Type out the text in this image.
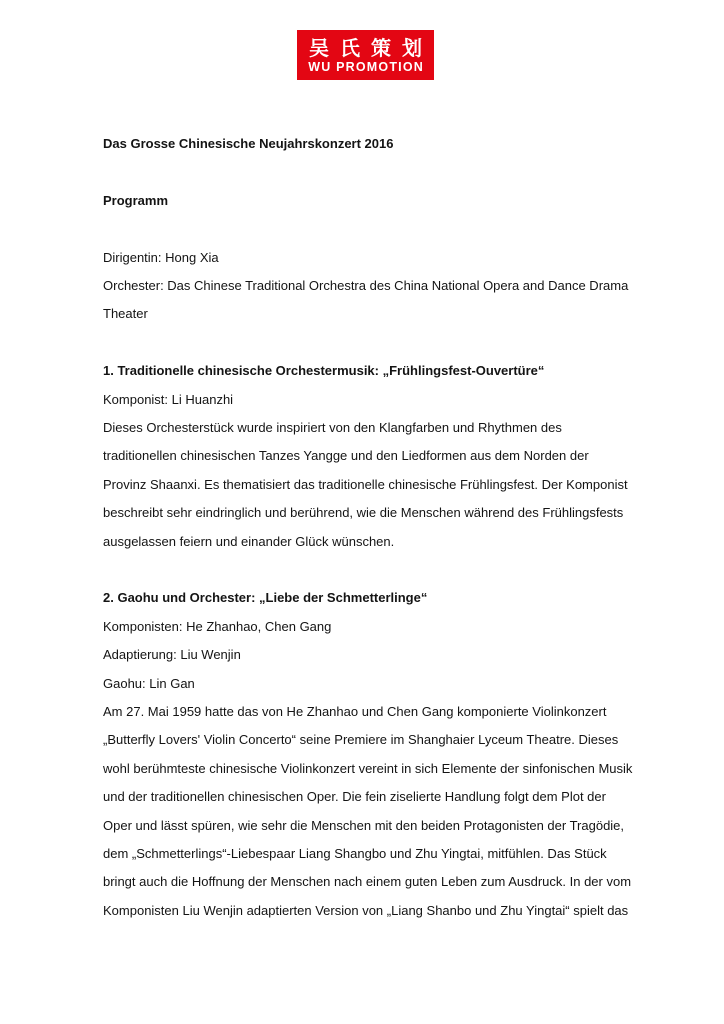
吴氏策划
WU PROMOTION
Das Grosse Chinesische Neujahrskonzert 2016
Programm
Dirigentin: Hong Xia
Orchester: Das Chinese Traditional Orchestra des China National Opera and Dance Drama
Theater
1. Traditionelle chinesische Orchestermusik: „Frühlingsfest-Ouvertüre“
Komponist: Li Huanzhi
Dieses Orchesterstück wurde inspiriert von den Klangfarben und Rhythmen des
traditionellen chinesischen Tanzes Yangge und den Liedformen aus dem Norden der
Provinz Shaanxi. Es thematisiert das traditionelle chinesische Frühlingsfest. Der Komponist
beschreibt sehr eindringlich und berührend, wie die Menschen während des Frühlingsfests
ausgelassen feiern und einander Glück wünschen.
2. Gaohu und Orchester: „Liebe der Schmetterlinge“
Komponisten: He Zhanhao, Chen Gang
Adaptierung: Liu Wenjin
Gaohu: Lin Gan
Am 27. Mai 1959 hatte das von He Zhanhao und Chen Gang komponierte Violinkonzert
„Butterfly Lovers' Violin Concerto“ seine Premiere im Shanghaier Lyceum Theatre. Dieses
wohl berühmteste chinesische Violinkonzert vereint in sich Elemente der sinfonischen Musik
und der traditionellen chinesischen Oper. Die fein ziselierte Handlung folgt dem Plot der
Oper und lässt spüren, wie sehr die Menschen mit den beiden Protagonisten der Tragödie,
dem „Schmetterlings“-Liebespaar Liang Shangbo und Zhu Yingtai, mitfühlen. Das Stück
bringt auch die Hoffnung der Menschen nach einem guten Leben zum Ausdruck. In der vom
Komponisten Liu Wenjin adaptierten Version von „Liang Shanbo und Zhu Yingtai“ spielt das
